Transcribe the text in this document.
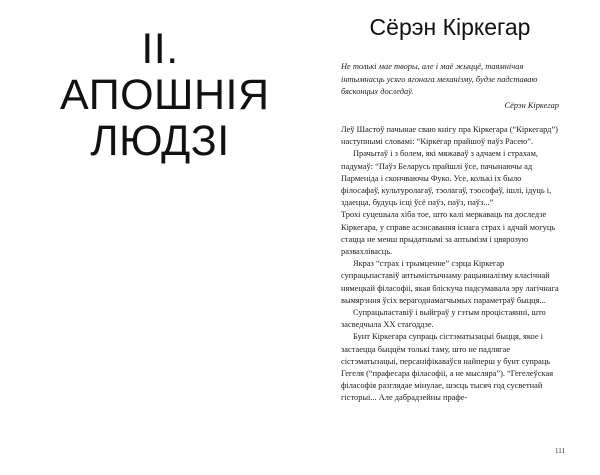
II.
АПОШНІЯ
ЛЮДЗІ
Сёрэн Кіркегар

Не толькі мае творы, але і маё жыццё, таямнічая інтымнасць усяго ягонага механізму, будзе падставаю бясконцых доследаў.

Сёрэн Кіркегар

Леў Шастоў пачынае сваю кнігу пра Кіркегара (“Кіркегард”) наступнымі словамі: “Кіркегар прайшоў паўз Расею”.

Прачытаў і з болем, які мяжаваў з адчаем і страхам, падумаў: “Паўз Беларусь прайшлі ўсе, пачынаючы ад Парменіда і скончваючы Фуко. Усе, колькі іх было філосафаў, культуролагаў, тэолагаў, тэософаў, ішлі, ідуць і, здаецца, будуць ісці ўсё паўз, паўз, паўз...”

Трохі суцешыла хіба тое, што калі меркаваць па доследзе Кіркегара, у справе асэнсавання існага страх і адчай могуць стацца не менш прыдатнымі за аптымізм і цвярозую развахлівасць.

Якраз “страх і трымценне” сэрца Кіркегар супрацьпаставіў аптымістычнаму рацыяналізму класічнай нямецкай філасофіі, якая бліскуча падсумавала эру лагічнага вымярэння ўсіх верагоднамагчымых параметраў быцця...

Супрацьпаставіў і выйграў у гэтым процістаянні, што засведчыла XX стагоддзе.

Бунт Кіркегара супраць сістэматызацыі быцця, якое і застаецца быццём толькі таму, што не падлягае сістэматызацыі, персаніфікаваўся найперш у бунт супраць Гегеля (“прафесара філасофіі, а не мысляра”). “Гегелеўская філасофія разглядае мінулае, шэсць тысяч год сусветнай гісторыі... Але дабрадзейны прафе-

111
